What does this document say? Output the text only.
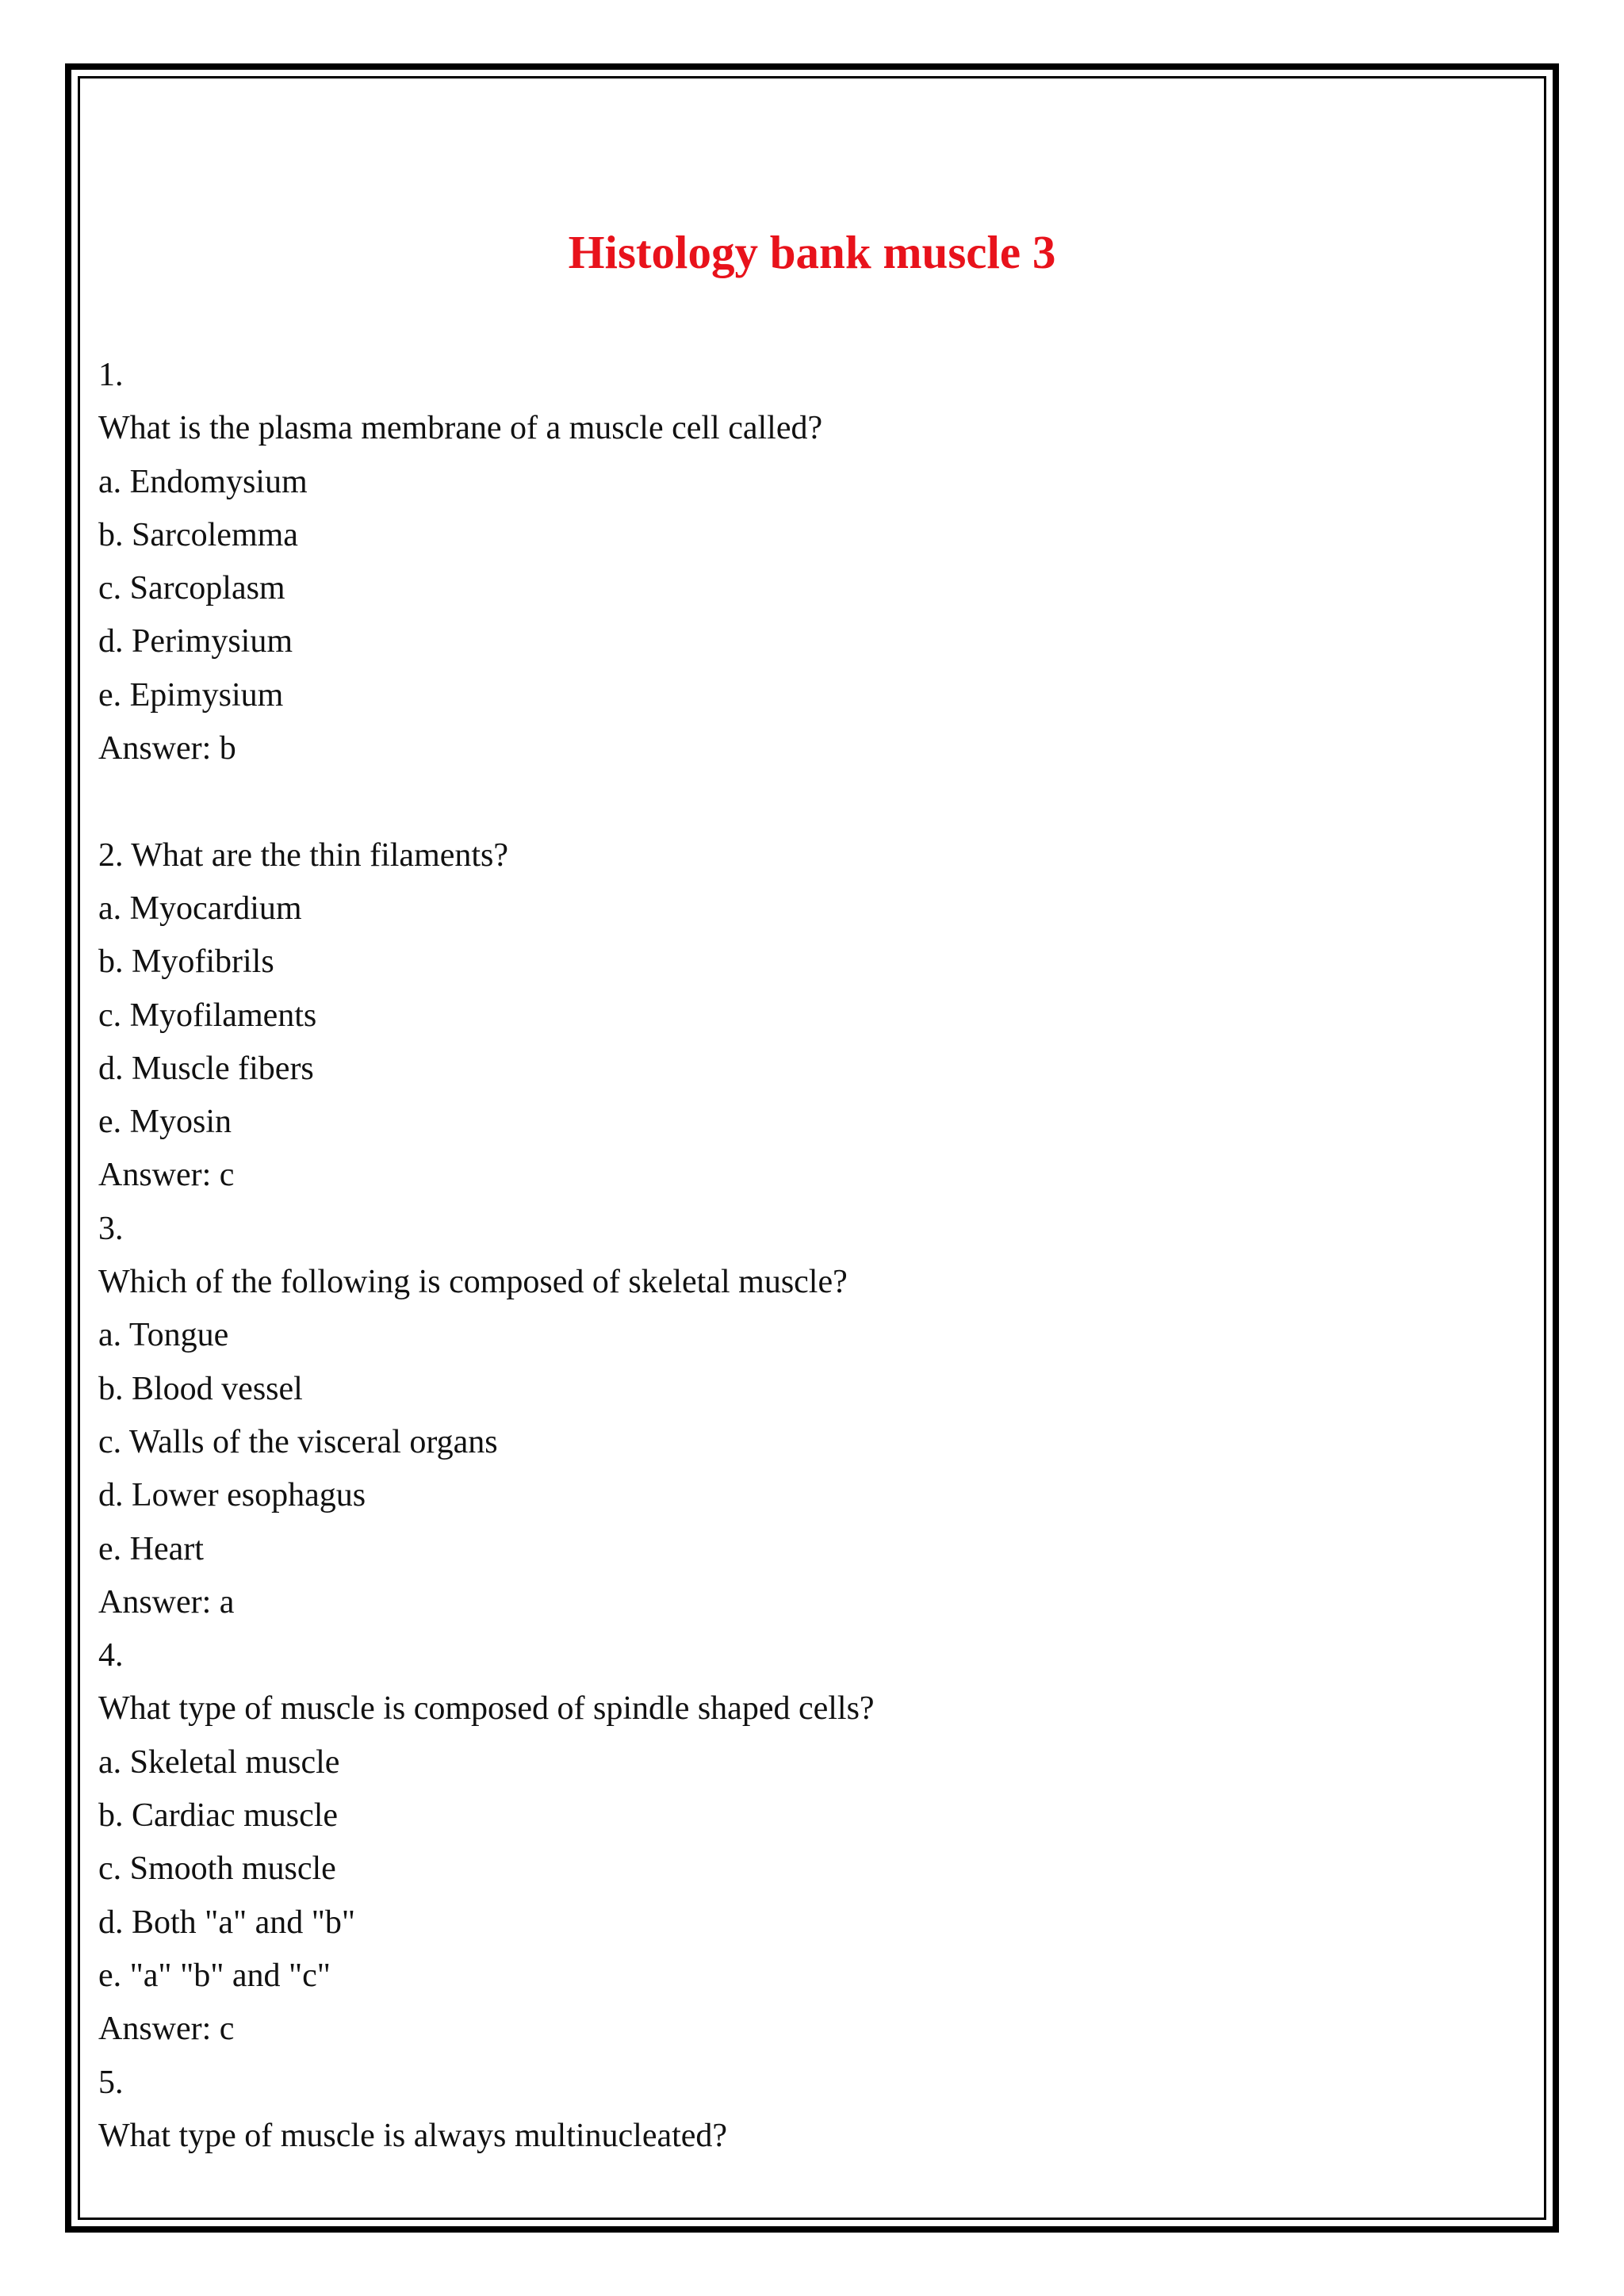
Histology bank muscle 3
1.
What is the plasma membrane of a muscle cell called?
a. Endomysium
b. Sarcolemma
c. Sarcoplasm
d. Perimysium
e. Epimysium
Answer: b
2. What are the thin filaments?
a. Myocardium
b. Myofibrils
c. Myofilaments
d. Muscle fibers
e. Myosin
Answer: c
3.
Which of the following is composed of skeletal muscle?
a. Tongue
b. Blood vessel
c. Walls of the visceral organs
d. Lower esophagus
e. Heart
Answer: a
4.
What type of muscle is composed of spindle shaped cells?
a. Skeletal muscle
b. Cardiac muscle
c. Smooth muscle
d. Both "a" and "b"
e. "a" "b" and "c"
Answer: c
5.
What type of muscle is always multinucleated?
